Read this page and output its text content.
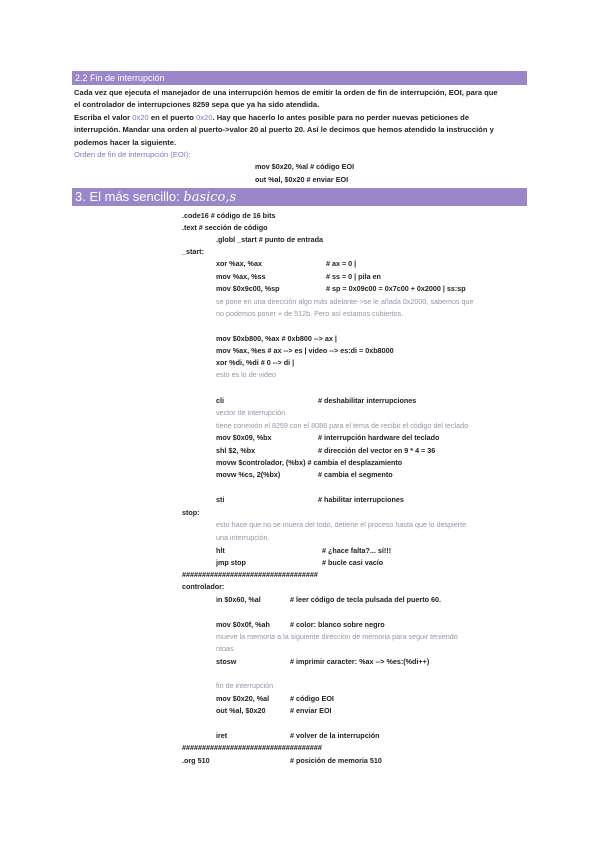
2.2 Fin de interrupción
Cada vez que ejecuta el manejador de una interrupción hemos de emitir la orden de fin de interrupción, EOI, para que
el controlador de interrupciones 8259 sepa que ya ha sido atendida.
Escriba el valor 0x20 en el puerto 0x20. Hay que hacerlo lo antes posible para no perder nuevas peticiones de
interrupción. Mandar una orden al puerto->valor 20 al puerto 20. Así le decimos que hemos atendido la instrucción y
podemos hacer la siguiente.
Orden de fin de interrupción (EOI):
mov $0x20, %al # código EOI
out %al, $0x20 # enviar EOI
3. El más sencillo: basico,s
.code16 # código de 16 bits
.text # sección de código
.globl _start # punto de entrada
_start:
xor %ax, %ax	# ax = 0 |
mov %ax, %ss	# ss = 0 | pila en
mov $0x9c00, %sp	# sp = 0x09c00 = 0x7c00 + 0x2000 | ss:sp
se pone en una dirección algo más adelante->se le añada 0x2000, sabemos que
no podemos poner + de 512b. Pero así estamos cubiertos.
mov $0xb800, %ax # 0xb800 --> ax |
mov %ax, %es # ax --> es | video --> es:di = 0xb8000
xor %di, %di # 0 --> di |
esto es lo de video
cli	# deshabilitar interrupciones
vector de interrupción
tiene conexión el 8259 con el 8086 para el tema de recibir el código del teclado
mov $0x09, %bx	# interrupción hardware del teclado
shl $2, %bx	# dirección del vector en 9 * 4 = 36
movw $controlador, (%bx) # cambia el desplazamiento
movw %cs, 2(%bx)	# cambia el segmento
sti	# habilitar interrupciones
stop:
esto hace que no se muera del todo, detiene el proceso hasta que lo despierte
una interrupción.
hlt	# ¿hace falta?... sí!!!
jmp stop	# bucle casi vacío
##################################
controlador:
in $0x60, %al	# leer código de tecla pulsada del puerto 60.
mov $0x0f, %ah	# color: blanco sobre negro
mueve la memoria a la siguiente direccion de memoria para seguir teniendo
ntoas
stosw	# imprimir caracter: %ax --> %es:(%di++)
fin de interrupción
mov $0x20, %al	# código EOI
out %al, $0x20	# enviar EOI
iret	# volver de la interrupción
###################################
.org 510	# posición de memoria 510
